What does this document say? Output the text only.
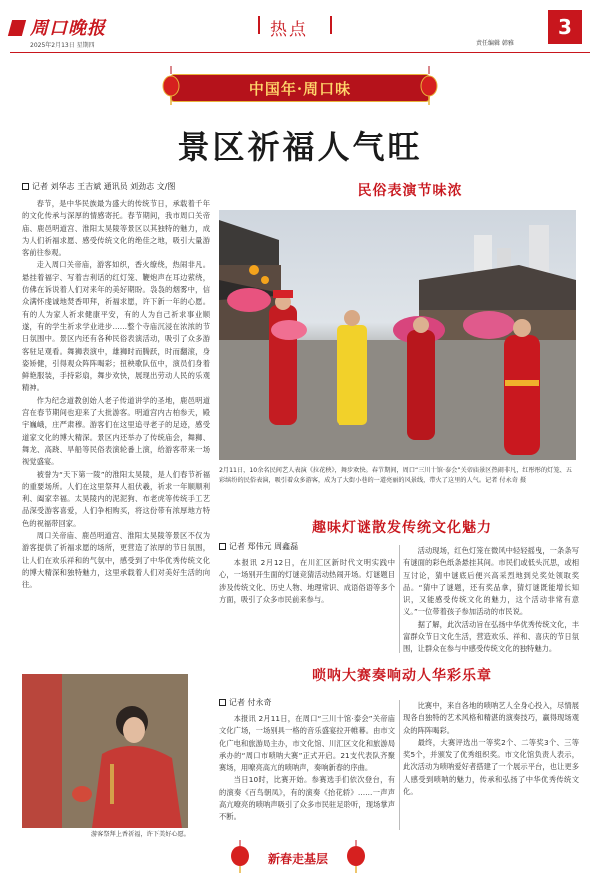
周口晚报
2025年2月13日 星期四
热点
责任编辑 韩雅
3
中国年·周口味
景区祈福人气旺
记者 刘华志 王吉斌 通讯员 刘劲志 文/图	民俗表演节味浓

春节，是中华民族最为盛大的传统节日，承载着千年的文化传承与深厚的情感寄托。春节期间，我市周口关帝庙、鹿邑明道宫、淮阳太昊陵等景区以其独特的魅力，成为人们祈福求愿、感受传统文化的绝佳之地，吸引大量游客前往参观。

走入周口关帝庙，游客如织，香火缭绕，热闹非凡。悬挂着福字、写着吉利话的红灯笼、鞭炮声在耳边萦绕，仿佛在诉说着人们对来年的美好期盼。袅袅的烟雾中，信众满怀虔诚地焚香叩拜，祈福求愿，许下新一年的心愿。有的人为家人祈求健康平安，有的人为自己祈求事业顺遂，有的学生祈求学业进步……整个寺庙沉浸在浓浓的节日氛围中。景区内还有各种民俗表演活动，吸引了众多游客驻足观看。舞狮表演中，雄狮时而腾跃，时而翻滚，身姿矫健，引得观众阵阵喝彩；扭秧歌队伍中，演员们身着鲜艳服装，手持彩扇，舞步欢快，展现出劳动人民的乐观精神。

作为纪念道教创始人老子传道讲学的圣地，鹿邑明道宫在春节期间也迎来了大批游客。明道宫内古柏参天，殿宇巍峨，庄严肃穆。游客们在这里追寻老子的足迹，感受道家文化的博大精深。景区内还举办了传统庙会，舞狮、舞龙、高跷、旱船等民俗表演轮番上演，给游客带来一场视觉盛宴。

被誉为“天下第一陵”的淮阳太昊陵，是人们春节祈福的重要场所。人们在这里祭拜人祖伏羲，祈求一年顺顺利利、阖家幸福。太昊陵内的泥泥狗、布老虎等传统手工艺品深受游客喜爱，人们争相购买，将这份带有浓厚地方特色的祝福带回家。

周口关帝庙、鹿邑明道宫、淮阳太昊陵等景区不仅为游客提供了祈福求愿的场所，更营造了浓厚的节日氛围，让人们在欢乐祥和的气氛中，感受到了中华优秀传统文化的博大精深和独特魅力，这里承载着人们对美好生活的向往。

2月11日，10余名民间艺人表演《拉花秧》，舞步欢快。春节期间，周口“三川十馆·泰会”关帝庙景区热闹非凡，红彤彤的灯笼、五彩缤纷的民俗表演，吸引着众多游客，成为了大街小巷的一道亮丽的风景线，带火了这里的人气。记者 付永奇 摄
趣味灯谜散发传统文化魅力
记者 郑伟元 周鑫磊

本报讯 2月12日，在川汇区新时代文明实践中心，一场别开生面的灯谜竞猜活动热闹开场。灯谜题目涉及传统文化、历史人物、地理常识、成语俗语等多个方面，吸引了众多市民前来参与。

活动现场，红色灯笼在微风中轻轻摇曳，一条条写有谜面的彩色纸条悬挂其间。市民们或低头沉思，或相互讨论，猜中谜底后便兴高采烈地到兑奖处领取奖品。“猜中了谜题，还有奖品拿，猜灯谜既能增长知识，又能感受传统文化的魅力，这个活动非常有意义。”一位带着孩子参加活动的市民说。

据了解，此次活动旨在弘扬中华优秀传统文化，丰富群众节日文化生活，营造欢乐、祥和、喜庆的节日氛围，让群众在参与中感受传统文化的独特魅力。

唢呐大赛奏响动人华彩乐章
记者 付永奇

本报讯 2月11日，在周口“三川十馆·泰会”关帝庙文化广场，一场别具一格的音乐盛宴拉开帷幕。由市文化广电和旅游局主办，市文化馆、川汇区文化和旅游局承办的“周口市唢呐大赛”正式开启。21支代表队齐聚赛场，用嘹亮高亢的唢呐声，奏响新春的序曲。

当日10时，比赛开始。参赛选手们依次登台，有的演奏《百鸟朝凤》，有的演奏《抬花轿》……一声声高亢嘹亮的唢呐声吸引了众多市民驻足聆听，现场掌声不断。

比赛中，来自各地的唢呐艺人全身心投入，尽情展现各自独特的艺术风格和精湛的演奏技巧，赢得现场观众的阵阵喝彩。

最终，大赛评选出一等奖2个、二等奖3个、三等奖5个，并颁发了优秀组织奖。市文化馆负责人表示，此次活动为唢呐爱好者搭建了一个展示平台，也让更多人感受到唢呐的魅力，传承和弘扬了中华优秀传统文化。

游客祭拜上香祈福，许下美好心愿。
新春走基层
